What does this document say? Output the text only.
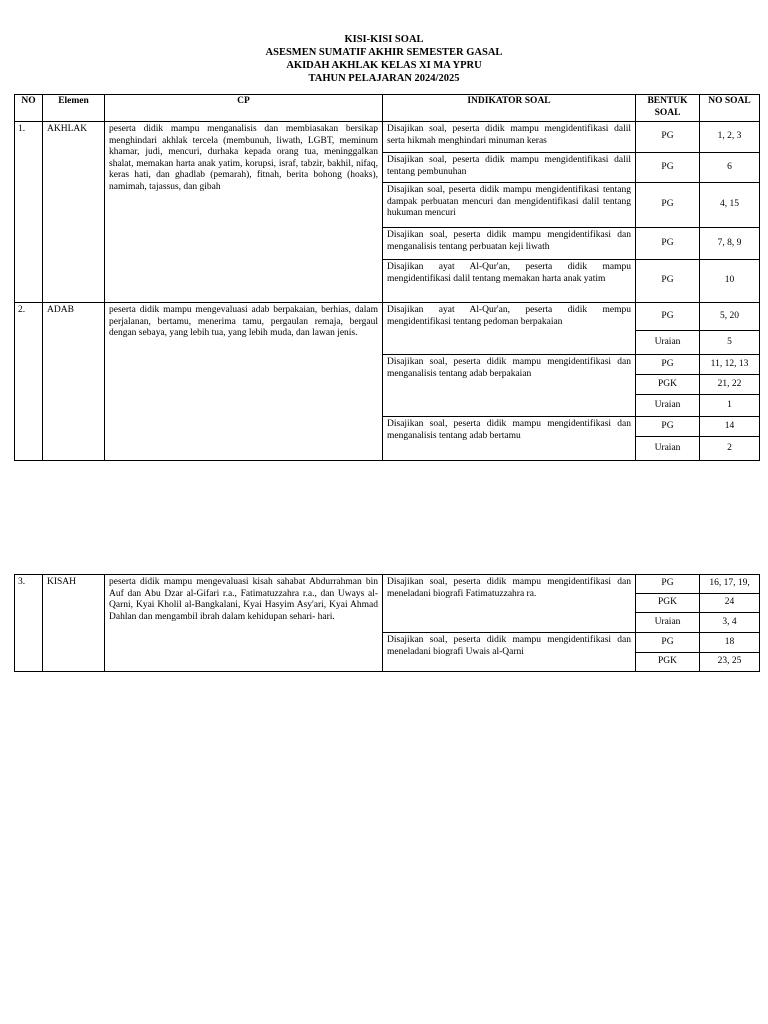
KISI-KISI SOAL
ASESMEN SUMATIF AKHIR SEMESTER GASAL
AKIDAH AKHLAK KELAS XI MA YPRU
TAHUN PELAJARAN 2024/2025
NO	Elemen	CP	INDIKATOR SOAL	BENTUK SOAL	NO SOAL
1.	AKHLAK	peserta didik mampu menganalisis dan membiasakan bersikap menghindari akhlak tercela (membunuh, liwath, LGBT, meminum khamar, judi, mencuri, durhaka kepada orang tua, meninggalkan shalat, memakan harta anak yatim, korupsi, israf, tabzir, bakhil, nifaq, keras hati, dan ghadlab (pemarah), fitnah, berita bohong (hoaks), namimah, tajassus, dan gibah	Disajikan soal, peserta didik mampu mengidentifikasi dalil serta hikmah menghindari minuman keras	PG	1, 2, 3
			Disajikan soal, peserta didik mampu mengidentifikasi dalil tentang pembunuhan	PG	6
			Disajikan soal, peserta didik mampu mengidentifikasi tentang dampak perbuatan mencuri dan mengidentifikasi dalil tentang hukuman mencuri	PG	4, 15
			Disajikan soal, peserta didik mampu mengidentifikasi dan menganalisis tentang perbuatan keji liwath	PG	7, 8, 9
			Disajikan ayat Al-Qur'an, peserta didik mampu mengidentifikasi dalil tentang memakan harta anak yatim	PG	10
2.	ADAB	peserta didik mampu mengevaluasi adab berpakaian, berhias, dalam perjalanan, bertamu, menerima tamu, pergaulan remaja, bergaul dengan sebaya, yang lebih tua, yang lebih muda, dan lawan jenis.	Disajikan ayat Al-Qur'an, peserta didik mempu mengidentifikasi tentang pedoman berpakaian	PG	5, 20
				Uraian	5
			Disajikan soal, peserta didik mampu mengidentifikasi dan menganalisis tentang adab berpakaian	PG	11, 12, 13
				PGK	21, 22
				Uraian	1
			Disajikan soal, peserta didik mampu mengidentifikasi dan menganalisis tentang adab bertamu	PG	14
				Uraian	2
3.	KISAH	peserta didik mampu mengevaluasi kisah sahabat Abdurrahman bin Auf dan Abu Dzar al-Gifari r.a., Fatimatuzzahra r.a., dan Uways al- Qarni, Kyai Kholil al-Bangkalani, Kyai Hasyim Asy'ari, Kyai Ahmad Dahlan dan mengambil ibrah dalam kehidupan sehari- hari.	Disajikan soal, peserta didik mampu mengidentifikasi dan meneladani biografi Fatimatuzzahra ra.	PG	16, 17, 19,
				PGK	24
				Uraian	3, 4
			Disajikan soal, peserta didik mampu mengidentifikasi dan meneladani biografi Uwais al-Qarni	PG	18
				PGK	23, 25
